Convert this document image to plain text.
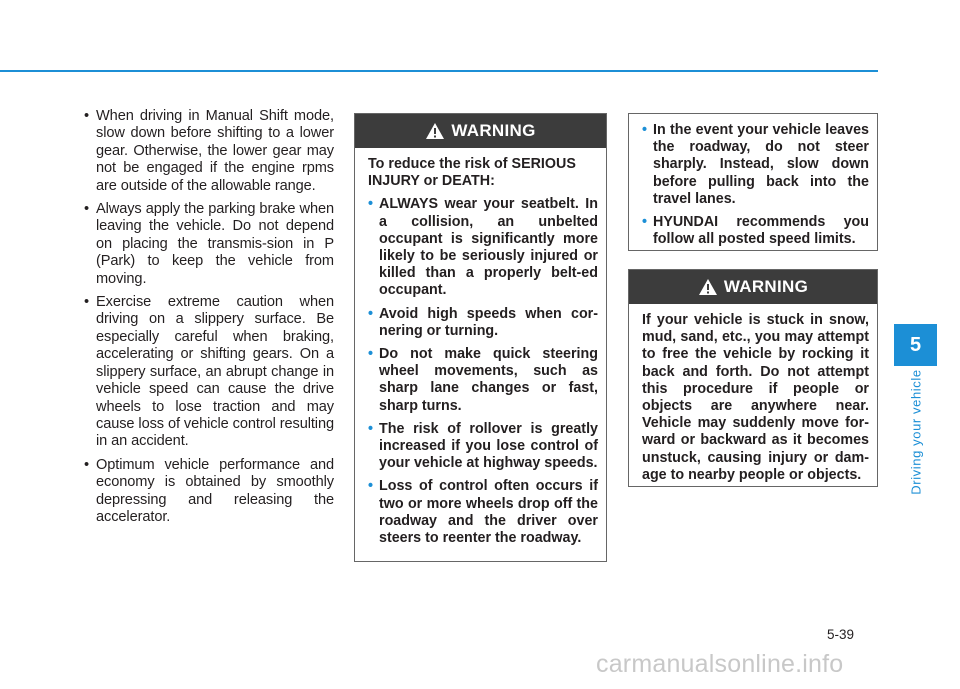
• When driving in Manual Shift mode, slow down before shifting to a lower gear. Otherwise, the lower gear may not be engaged if the engine rpms are outside of the allowable range.
• Always apply the parking brake when leaving the vehicle. Do not depend on placing the transmis-sion in P (Park) to keep the vehicle from moving.
• Exercise extreme caution when driving on a slippery surface. Be especially careful when braking, accelerating or shifting gears. On a slippery surface, an abrupt change in vehicle speed can cause the drive wheels to lose traction and may cause loss of vehicle control resulting in an accident.
• Optimum vehicle performance and economy is obtained by smoothly depressing and releasing the accelerator.
WARNING
To reduce the risk of SERIOUS INJURY or DEATH:
• ALWAYS wear your seatbelt. In a collision, an unbelted occupant is significantly more likely to be seriously injured or killed than a properly belt-ed occupant.
• Avoid high speeds when cor-nering or turning.
• Do not make quick steering wheel movements, such as sharp lane changes or fast, sharp turns.
• The risk of rollover is greatly increased if you lose control of your vehicle at highway speeds.
• Loss of control often occurs if two or more wheels drop off the roadway and the driver over steers to reenter the roadway.
• In the event your vehicle leaves the roadway, do not steer sharply. Instead, slow down before pulling back into the travel lanes.
• HYUNDAI recommends you follow all posted speed limits.
WARNING

If your vehicle is stuck in snow, mud, sand, etc., you may attempt to free the vehicle by rocking it back and forth. Do not attempt this procedure if people or objects are anywhere near. Vehicle may suddenly move for-ward or backward as it becomes unstuck, causing injury or dam-age to nearby people or objects.

5
Driving your vehicle
5-39
carmanualsonline.info
